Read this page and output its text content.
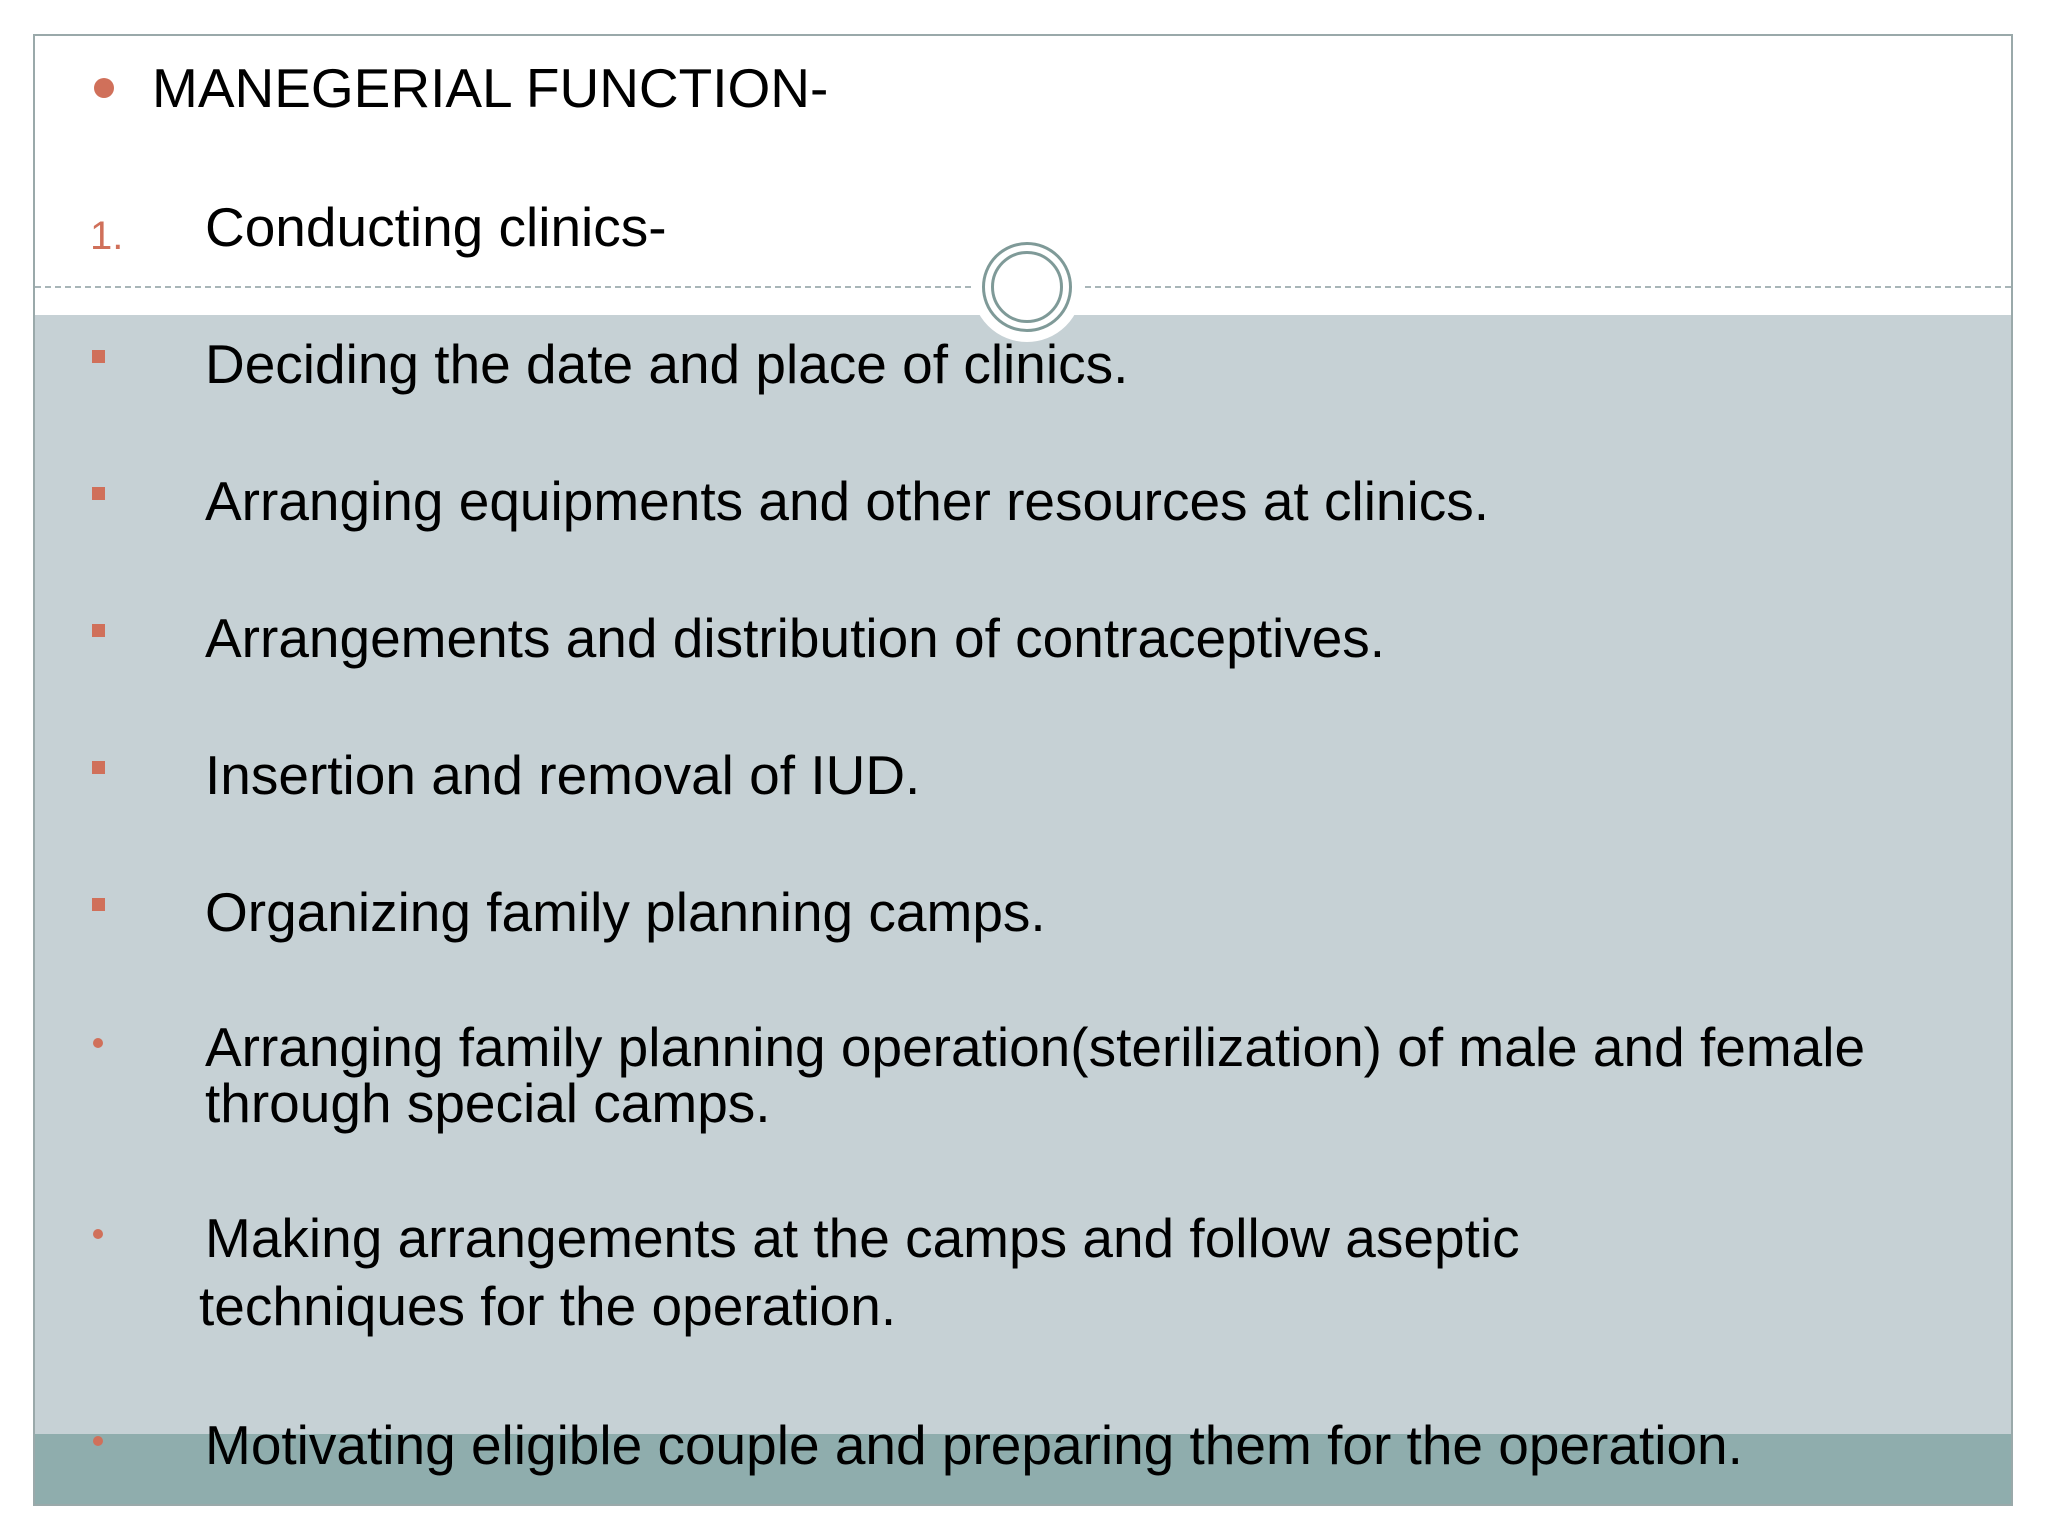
MANEGERIAL FUNCTION-
1. Conducting clinics-
Deciding the date and place of clinics.
Arranging equipments and other resources at clinics.
Arrangements and distribution of contraceptives.
Insertion and removal of IUD.
Organizing family planning camps.
Arranging family planning operation(sterilization) of male and female
through special camps.
Making arrangements at the camps and follow aseptic
techniques for the operation.
Motivating eligible couple and preparing them for the operation.
